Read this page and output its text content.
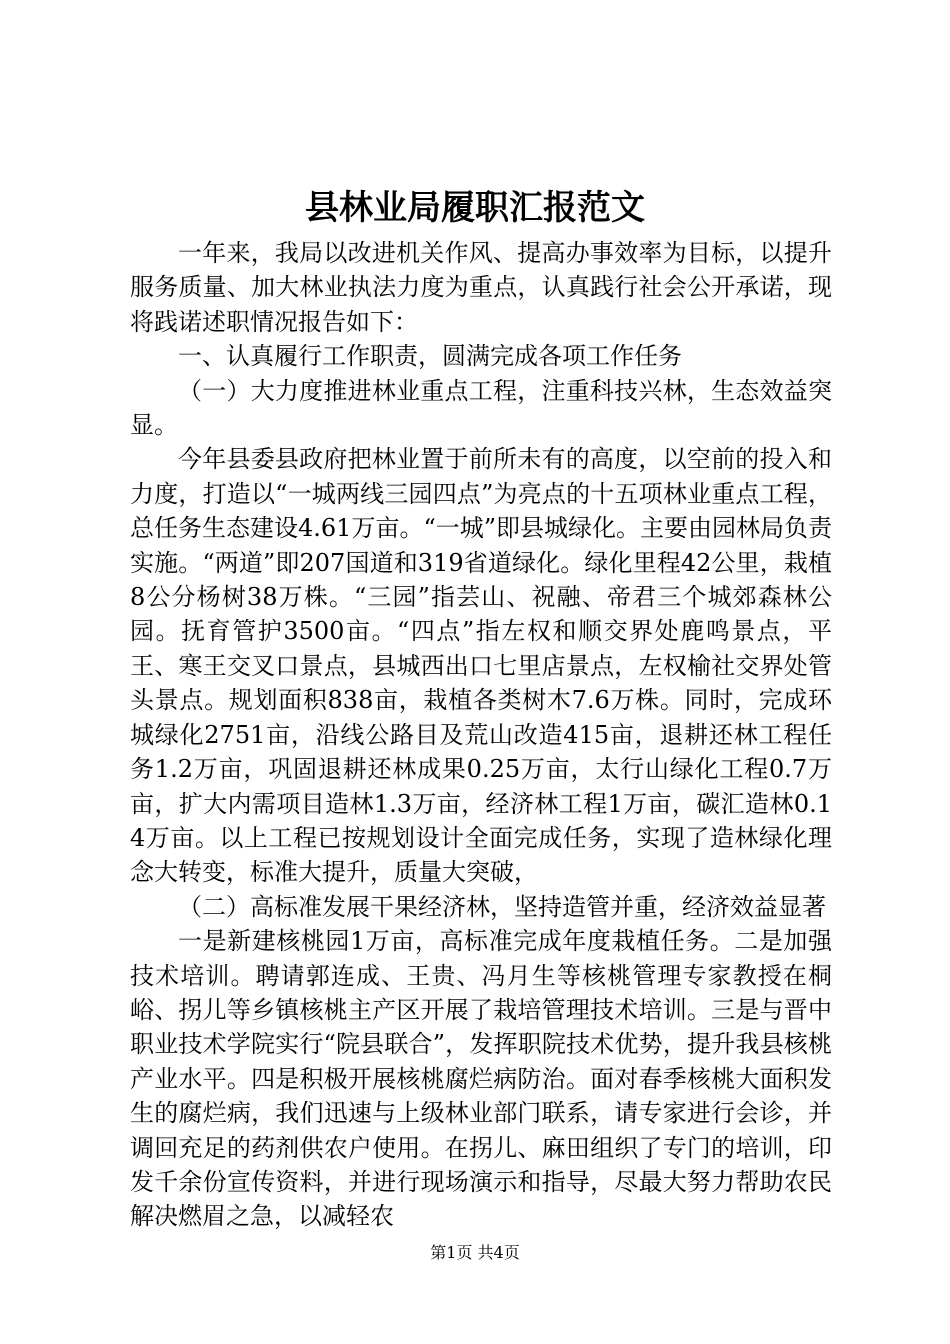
县林业局履职汇报范文

一年来，我局以改进机关作风、提高办事效率为目标，以提升服务质量、加大林业执法力度为重点，认真践行社会公开承诺，现将践诺述职情况报告如下：

一、认真履行工作职责，圆满完成各项工作任务

（一）大力度推进林业重点工程，注重科技兴林，生态效益突显。

今年县委县政府把林业置于前所未有的高度，以空前的投入和力度，打造以“一城两线三园四点”为亮点的十五项林业重点工程，总任务生态建设4.61万亩。“一城”即县城绿化。主要由园林局负责实施。“两道”即207国道和319省道绿化。绿化里程42公里，栽植8公分杨树38万株。“三园”指芸山、祝融、帝君三个城郊森林公园。抚育管护3500亩。“四点”指左权和顺交界处鹿鸣景点，平王、寒王交叉口景点，县城西出口七里店景点，左权榆社交界处管头景点。规划面积838亩，栽植各类树木7.6万株。同时，完成环城绿化2751亩，沿线公路目及荒山改造415亩，退耕还林工程任务1.2万亩，巩固退耕还林成果0.25万亩，太行山绿化工程0.7万亩，扩大内需项目造林1.3万亩，经济林工程1万亩，碳汇造林0.14万亩。以上工程已按规划设计全面完成任务，实现了造林绿化理念大转变，标准大提升，质量大突破，

（二）高标准发展干果经济林，坚持造管并重，经济效益显著

一是新建核桃园1万亩，高标准完成年度栽植任务。二是加强技术培训。聘请郭连成、王贵、冯月生等核桃管理专家教授在桐峪、拐儿等乡镇核桃主产区开展了栽培管理技术培训。三是与晋中职业技术学院实行“院县联合”，发挥职院技术优势，提升我县核桃产业水平。四是积极开展核桃腐烂病防治。面对春季核桃大面积发生的腐烂病，我们迅速与上级林业部门联系，请专家进行会诊，并调回充足的药剂供农户使用。在拐儿、麻田组织了专门的培训，印发千余份宣传资料，并进行现场演示和指导，尽最大努力帮助农民解决燃眉之急，以减轻农

第1页 共4页
